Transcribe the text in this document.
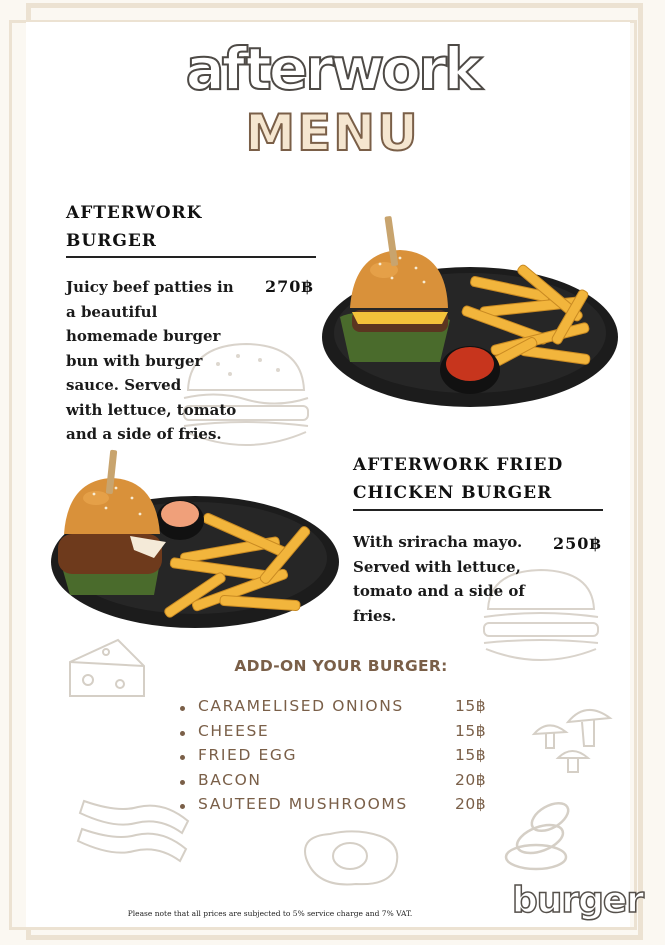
afterwork
MENU
AFTERWORK
BURGER
Juicy beef patties in
a beautiful
homemade burger
bun with burger
sauce. Served
with lettuce, tomato
and a side of fries.
270฿
AFTERWORK FRIED
CHICKEN BURGER
With sriracha mayo.
Served with lettuce,
tomato and a side of
fries.
250฿
ADD-ON YOUR BURGER:
CARAMELISED ONIONS	15฿
CHEESE	15฿
FRIED EGG	15฿
BACON	20฿
SAUTEED MUSHROOMS	20฿
Please note that all prices are subjected to 5% service charge and 7% VAT.	burger
